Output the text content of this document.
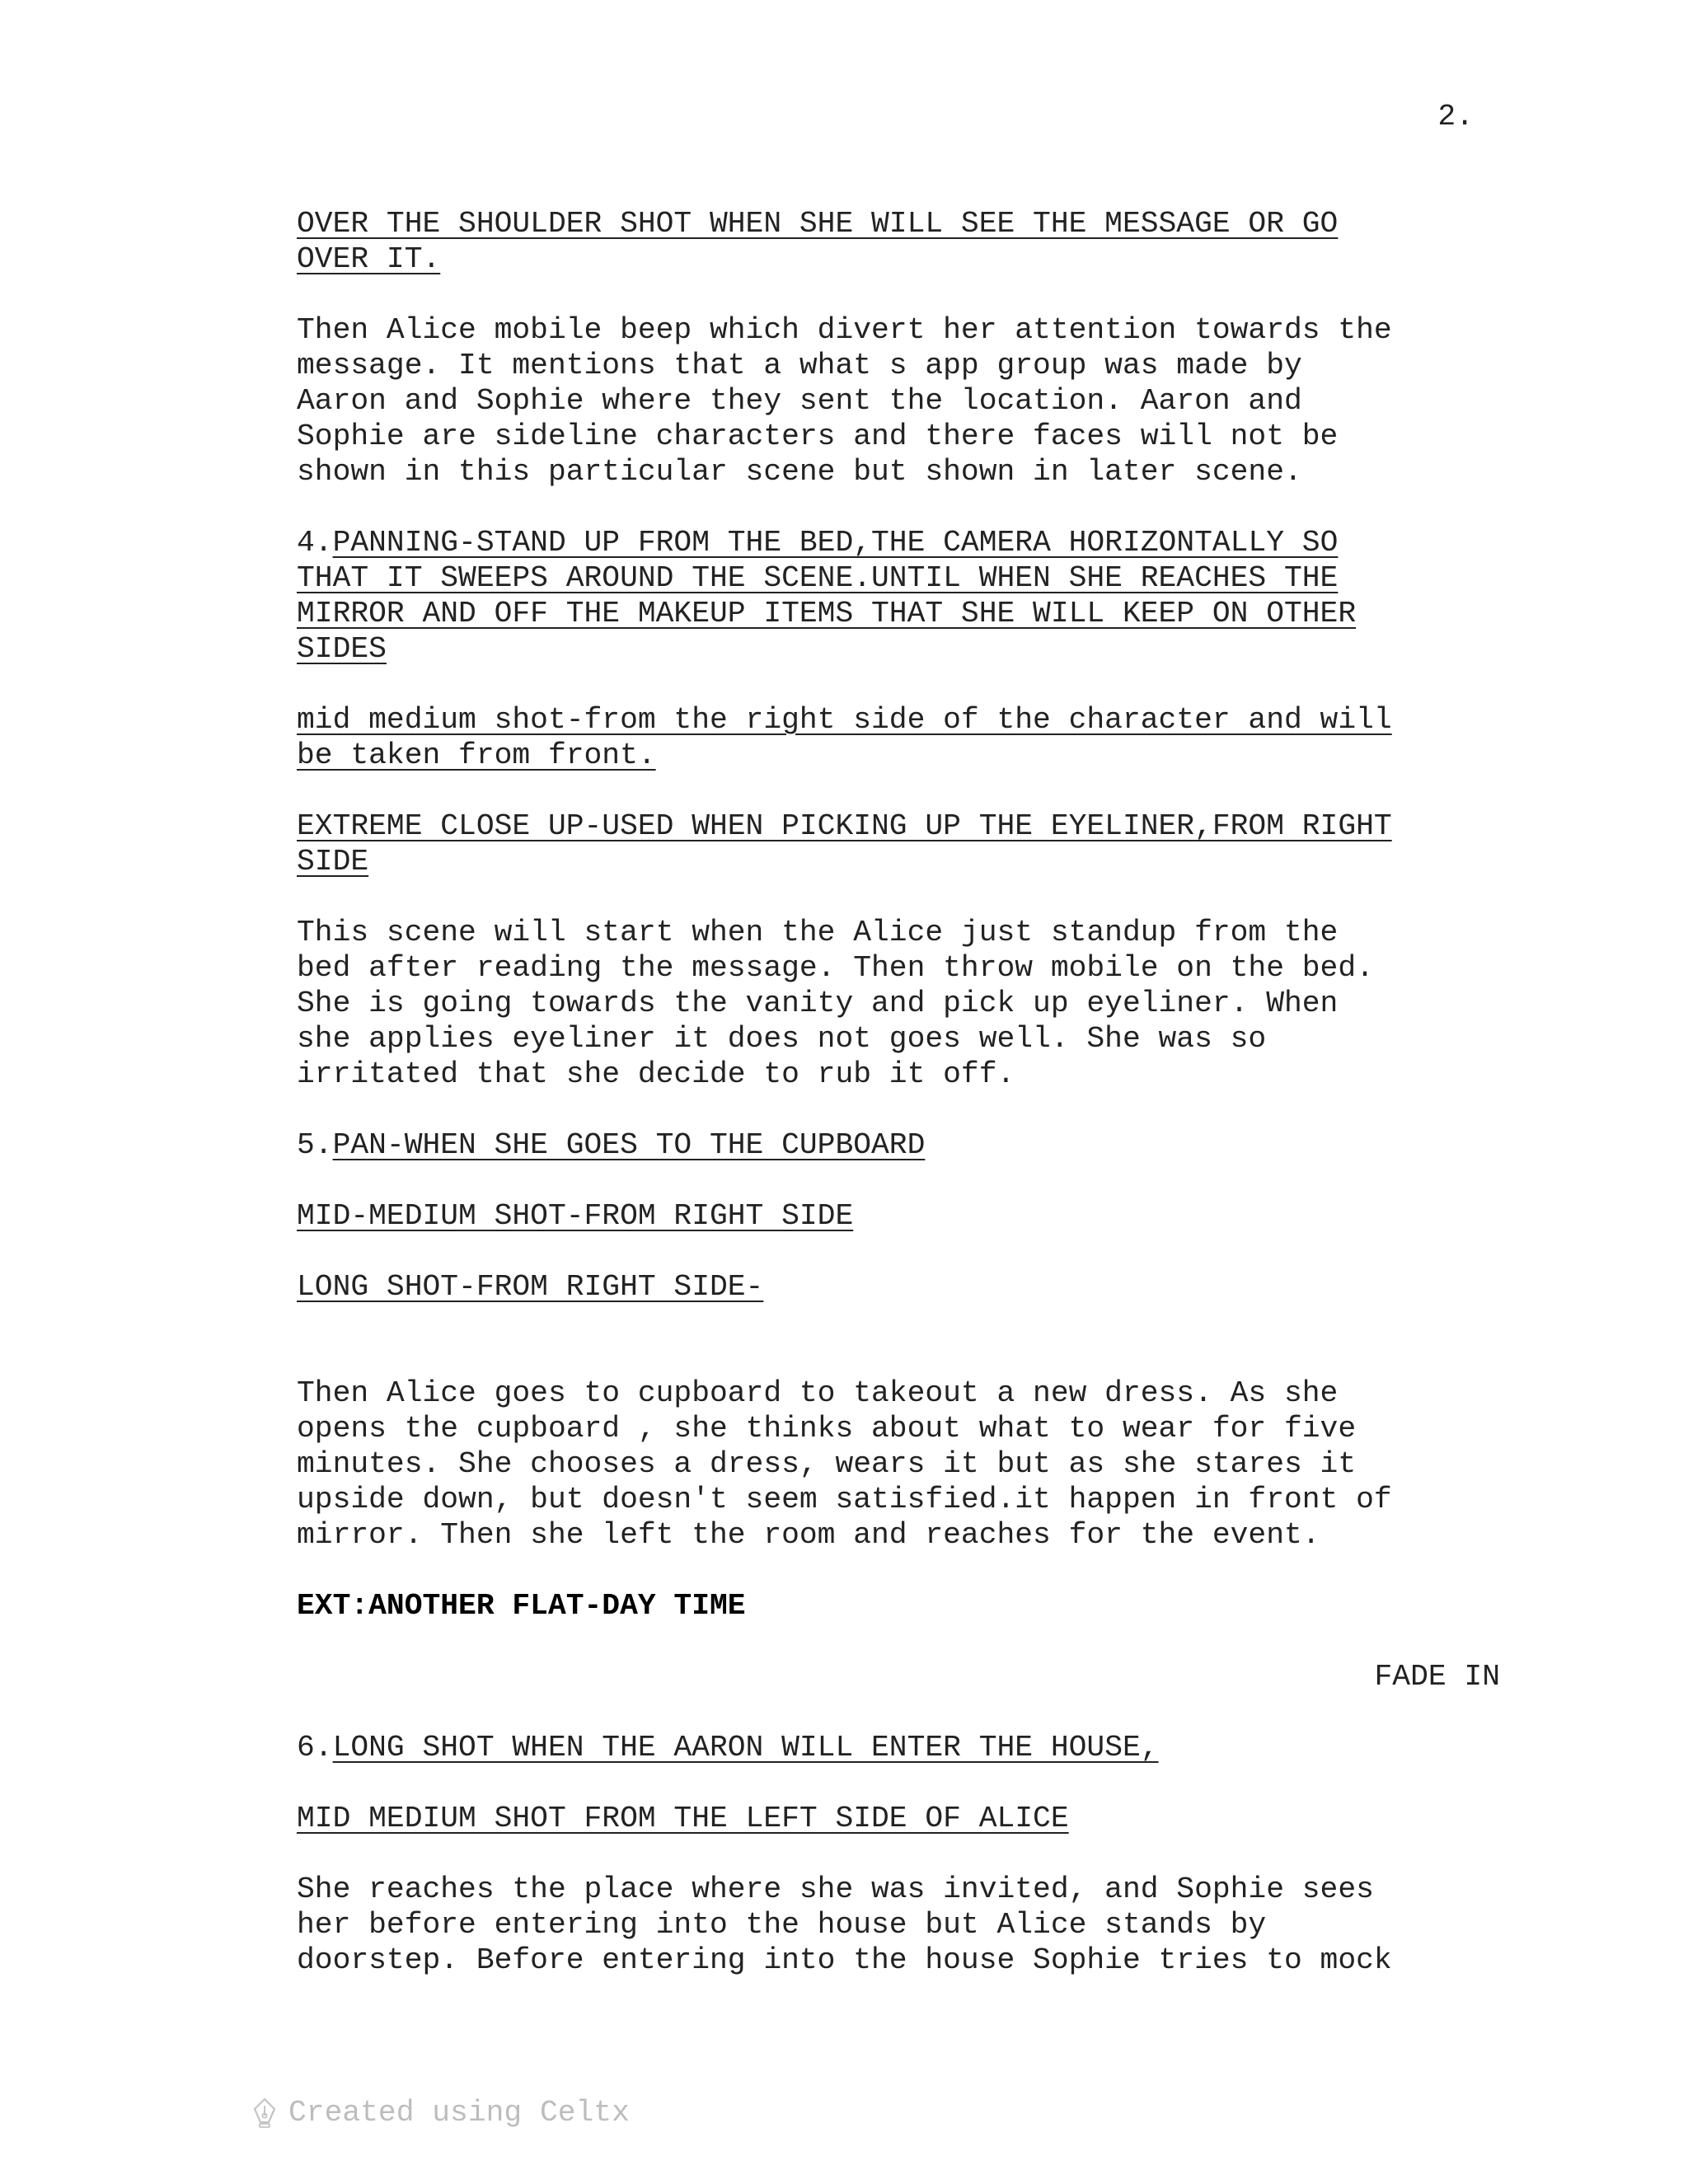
2.
OVER THE SHOULDER SHOT WHEN SHE WILL SEE THE MESSAGE OR GO
OVER IT.
Then Alice mobile beep which divert her attention towards the
message. It mentions that a what s app group was made by
Aaron and Sophie where they sent the location. Aaron and
Sophie are sideline characters and there faces will not be
shown in this particular scene but shown in later scene.
4.PANNING-STAND UP FROM THE BED,THE CAMERA HORIZONTALLY SO
THAT IT SWEEPS AROUND THE SCENE.UNTIL WHEN SHE REACHES THE
MIRROR AND OFF THE MAKEUP ITEMS THAT SHE WILL KEEP ON OTHER
SIDES
mid medium shot-from the right side of the character and will
be taken from front.
EXTREME CLOSE UP-USED WHEN PICKING UP THE EYELINER,FROM RIGHT
SIDE
This scene will start when the Alice just standup from the
bed after reading the message. Then throw mobile on the bed.
She is going towards the vanity and pick up eyeliner. When
she applies eyeliner it does not goes well. She was so
irritated that she decide to rub it off.
5.PAN-WHEN SHE GOES TO THE CUPBOARD
MID-MEDIUM SHOT-FROM RIGHT SIDE
LONG SHOT-FROM RIGHT SIDE-
Then Alice goes to cupboard to takeout a new dress. As she
opens the cupboard , she thinks about what to wear for five
minutes. She chooses a dress, wears it but as she stares it
upside down, but doesn't seem satisfied.it happen in front of
mirror. Then she left the room and reaches for the event.
EXT:ANOTHER FLAT-DAY TIME
FADE IN
6.LONG SHOT WHEN THE AARON WILL ENTER THE HOUSE,
MID MEDIUM SHOT FROM THE LEFT SIDE OF ALICE
She reaches the place where she was invited, and Sophie sees
her before entering into the house but Alice stands by
doorstep. Before entering into the house Sophie tries to mock
Created using Celtx
